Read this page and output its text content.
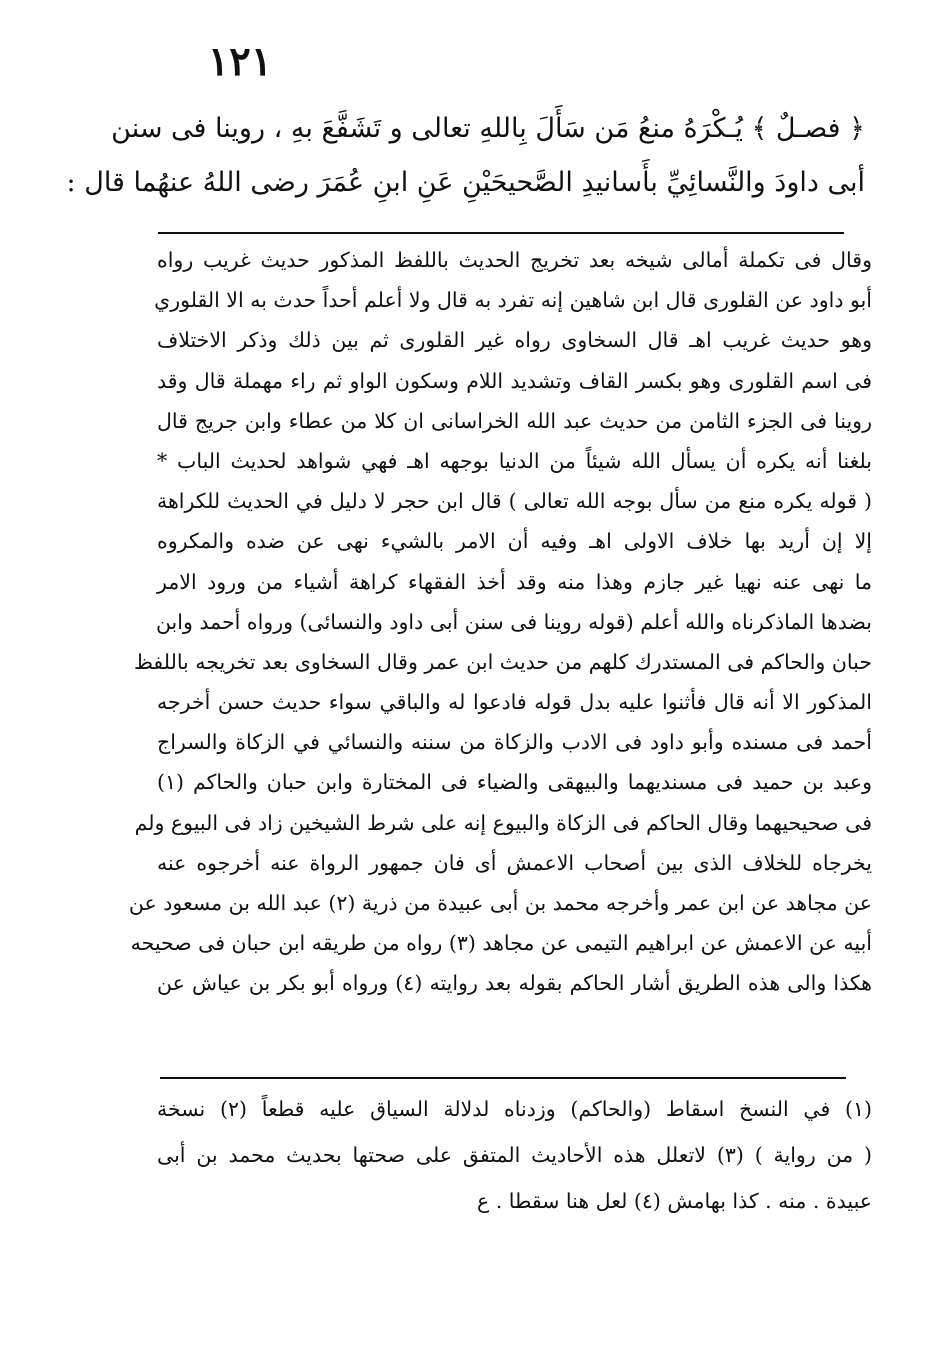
١٢١
﴿ فصـلٌ ﴾ يُـكْرَهُ منعُ مَن سَأَلَ بِاللهِ تعالى و تَشَفَّعَ بهِ ، روينا فى سنن
أبى داودَ والنَّسائِيِّ بأَسانيدِ الصَّحيحَيْنِ عَنِ ابنِ عُمَرَ رضى اللهُ عنهُما قال :
وقال فى تكملة أمالى شيخه بعد تخريج الحديث باللفظ المذكور حديث غريب رواه
أبو داود عن القلورى قال ابن شاهين إنه تفرد به قال ولا أعلم أحداً حدث به الا القلوري
وهو حديث غريب اهـ قال السخاوى رواه غير القلورى ثم بين ذلك وذكر الاختلاف
فى اسم القلورى وهو بكسر القاف وتشديد اللام وسكون الواو ثم راء مهملة قال وقد
روينا فى الجزء الثامن من حديث عبد الله الخراسانى ان كلا من عطاء وابن جريج قال
بلغنا أنه يكره أن يسأل الله شيئاً من الدنيا بوجهه اهـ فهي شواهد لحديث الباب *
( قوله يكره منع من سأل بوجه الله تعالى ) قال ابن حجر لا دليل في الحديث للكراهة
إلا إن أريد بها خلاف الاولى اهـ وفيه أن الامر بالشيء نهى عن ضده والمكروه
ما نهى عنه نهيا غير جازم وهذا منه وقد أخذ الفقهاء كراهة أشياء من ورود الامر
بضدها الماذكرناه والله أعلم (قوله روينا فى سنن أبى داود والنسائى) ورواه أحمد وابن
حبان والحاكم فى المستدرك كلهم من حديث ابن عمر وقال السخاوى بعد تخريجه باللفظ
المذكور الا أنه قال فأثنوا عليه بدل قوله فادعوا له والباقي سواء حديث حسن أخرجه
أحمد فى مسنده وأبو داود فى الادب والزكاة من سننه والنسائي في الزكاة والسراج
وعبد بن حميد فى مسنديهما والبيهقى والضياء فى المختارة وابن حبان والحاكم (١)
فى صحيحيهما وقال الحاكم فى الزكاة والبيوع إنه على شرط الشيخين زاد فى البيوع ولم
يخرجاه للخلاف الذى بين أصحاب الاعمش أى فان جمهور الرواة عنه أخرجوه عنه
عن مجاهد عن ابن عمر وأخرجه محمد بن أبى عبيدة من ذرية (٢) عبد الله بن مسعود عن
أبيه عن الاعمش عن ابراهيم التيمى عن مجاهد (٣) رواه من طريقه ابن حبان فى صحيحه
هكذا والى هذه الطريق أشار الحاكم بقوله بعد روايته (٤) ورواه أبو بكر بن عياش عن
(١) في النسخ اسقاط (والحاكم) وزدناه لدلالة السياق عليه قطعاً (٢) نسخة
( من رواية ) (٣) لاتعلل هذه الأحاديث المتفق على صحتها بحديث محمد بن أبى
عبيدة . منه . كذا بهامش (٤) لعل هنا سقطا . ع
